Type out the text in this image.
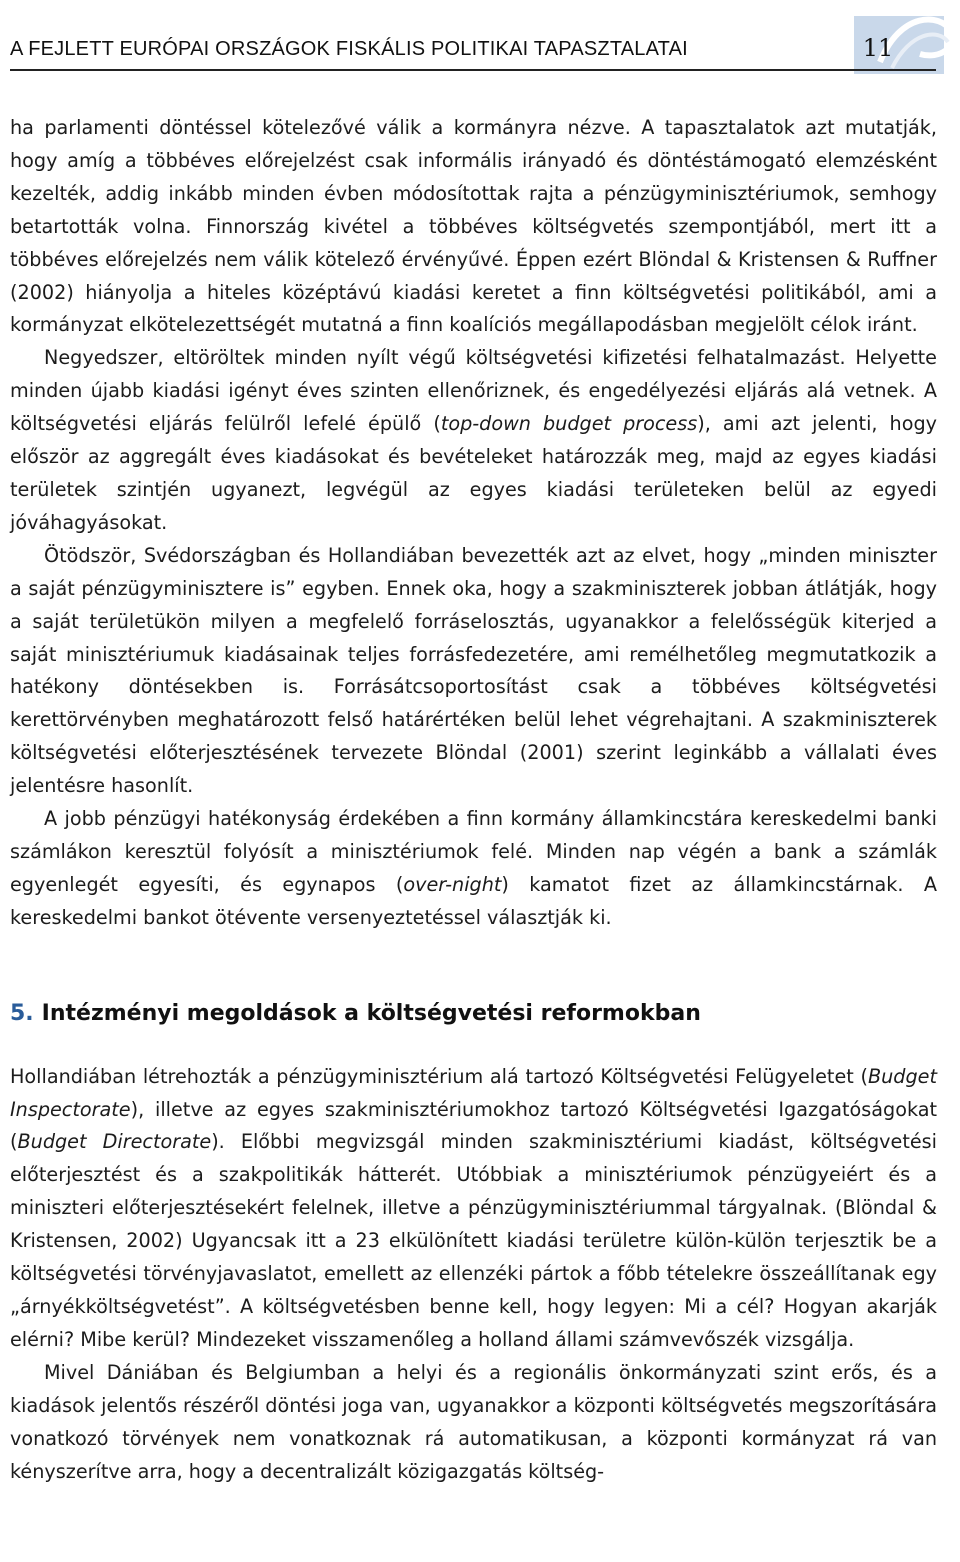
A FEJLETT EURÓPAI ORSZÁGOK FISKÁLIS POLITIKAI TAPASZTALATAI	11

ha parlamenti döntéssel kötelezővé válik a kormányra nézve. A tapasztalatok azt mutatják, hogy amíg a többéves előrejelzést csak informális irányadó és döntéstámogató elemzésként kezelték, addig inkább minden évben módosítottak rajta a pénzügyminisztériumok, semhogy betartották volna. Finnország kivétel a többéves költségvetés szempontjából, mert itt a többéves előrejelzés nem válik kötelező érvényűvé. Éppen ezért Blöndal & Kristensen & Ruffner (2002) hiányolja a hiteles középtávú kiadási keretet a finn költségvetési politikából, ami a kormányzat elkötelezettségét mutatná a finn koalíciós megállapodásban megjelölt célok iránt.

Negyedszer, eltöröltek minden nyílt végű költségvetési kifizetési felhatalmazást. Helyette minden újabb kiadási igényt éves szinten ellenőriznek, és engedélyezési eljárás alá vetnek. A költségvetési eljárás felülről lefelé épülő (top-down budget process), ami azt jelenti, hogy először az aggregált éves kiadásokat és bevételeket határozzák meg, majd az egyes kiadási területek szintjén ugyanezt, legvégül az egyes kiadási területeken belül az egyedi jóváhagyásokat.

Ötödször, Svédországban és Hollandiában bevezették azt az elvet, hogy „minden miniszter a saját pénzügyminisztere is” egyben. Ennek oka, hogy a szakminiszterek jobban átlátják, hogy a saját területükön milyen a megfelelő forráselosztás, ugyanakkor a felelősségük kiterjed a saját minisztériumuk kiadásainak teljes forrásfedezetére, ami remélhetőleg megmutatkozik a hatékony döntésekben is. Forrásátcsoportosítást csak a többéves költségvetési kerettörvényben meghatározott felső határértéken belül lehet végrehajtani. A szakminiszterek költségvetési előterjesztésének tervezete Blöndal (2001) szerint leginkább a vállalati éves jelentésre hasonlít.

A jobb pénzügyi hatékonyság érdekében a finn kormány államkincstára kereskedelmi banki számlákon keresztül folyósít a minisztériumok felé. Minden nap végén a bank a számlák egyenlegét egyesíti, és egynapos (over-night) kamatot fizet az államkincstárnak. A kereskedelmi bankot ötévente versenyeztetéssel választják ki.

5. Intézményi megoldások a költségvetési reformokban

Hollandiában létrehozták a pénzügyminisztérium alá tartozó Költségvetési Felügyeletet (Budget Inspectorate), illetve az egyes szakminisztériumokhoz tartozó Költségvetési Igazgatóságokat (Budget Directorate). Előbbi megvizsgál minden szakminisztériumi kiadást, költségvetési előterjesztést és a szakpolitikák hátterét. Utóbbiak a minisztériumok pénzügyeiért és a miniszteri előterjesztésekért felelnek, illetve a pénzügyminisztériummal tárgyalnak. (Blöndal & Kristensen, 2002) Ugyancsak itt a 23 elkülönített kiadási területre külön-külön terjesztik be a költségvetési törvényjavaslatot, emellett az ellenzéki pártok a főbb tételekre összeállítanak egy „árnyékköltségvetést”. A költségvetésben benne kell, hogy legyen: Mi a cél? Hogyan akarják elérni? Mibe kerül? Mindezeket visszamenőleg a holland állami számvevőszék vizsgálja.

Mivel Dániában és Belgiumban a helyi és a regionális önkormányzati szint erős, és a kiadások jelentős részéről döntési joga van, ugyanakkor a központi költségvetés megszorítására vonatkozó törvények nem vonatkoznak rá automatikusan, a központi kormányzat rá van kényszerítve arra, hogy a decentralizált közigazgatás költség-
